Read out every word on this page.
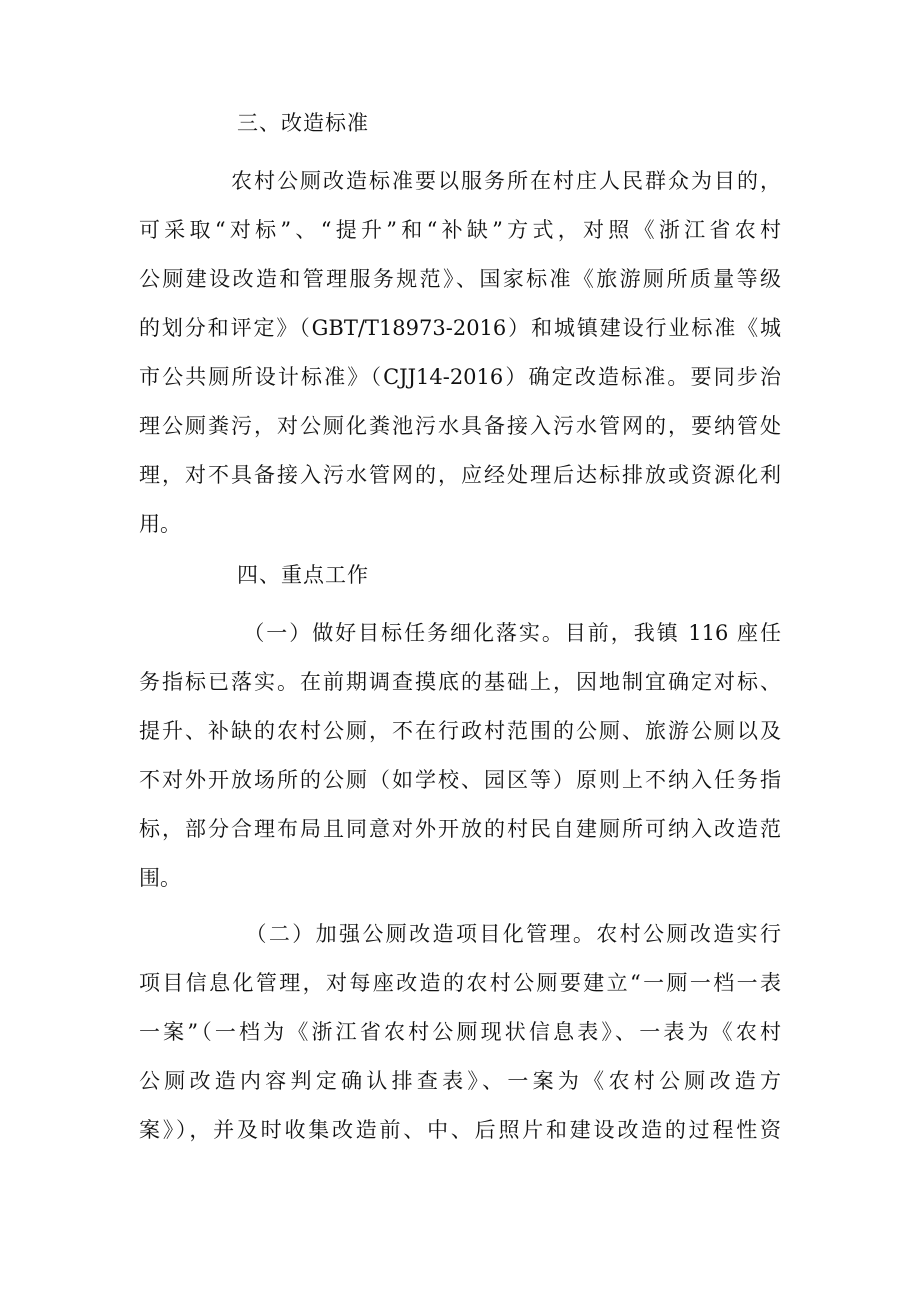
三、改造标准
　　　　农村公厕改造标准要以服务所在村庄人民群众为目的，
可采取“对标”、“提升”和“补缺”方式，对照《浙江省农村
公厕建设改造和管理服务规范》、国家标准《旅游厕所质量等级
的划分和评定》（GBT/T18973-2016）和城镇建设行业标准《城
市公共厕所设计标准》（CJJ14-2016）确定改造标准。要同步治
理公厕粪污，对公厕化粪池污水具备接入污水管网的，要纳管处
理，对不具备接入污水管网的，应经处理后达标排放或资源化利
用。
四、重点工作
　　　　　（一）做好目标任务细化落实。目前，我镇 116 座任
务指标已落实。在前期调查摸底的基础上，因地制宜确定对标、
提升、补缺的农村公厕，不在行政村范围的公厕、旅游公厕以及
不对外开放场所的公厕（如学校、园区等）原则上不纳入任务指
标，部分合理布局且同意对外开放的村民自建厕所可纳入改造范
围。
　　　　　（二）加强公厕改造项目化管理。农村公厕改造实行
项目信息化管理，对每座改造的农村公厕要建立“一厕一档一表
一案”（一档为《浙江省农村公厕现状信息表》、一表为《农村
公厕改造内容判定确认排查表》、一案为《农村公厕改造方
案》），并及时收集改造前、中、后照片和建设改造的过程性资
